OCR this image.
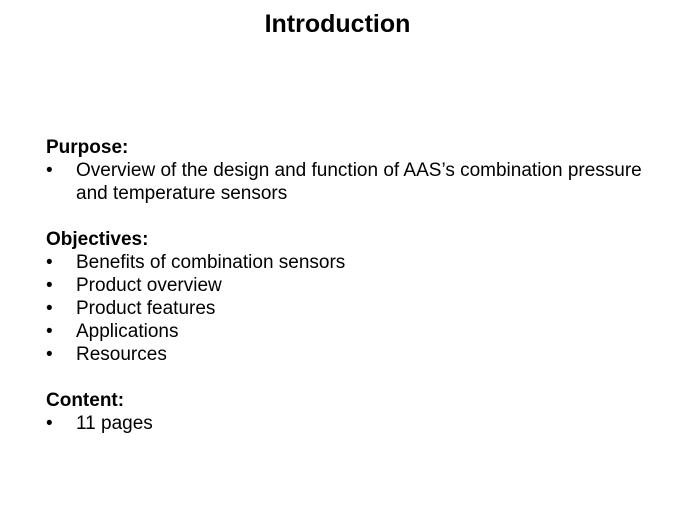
Introduction
Purpose:
• Overview of the design and function of AAS’s combination pressure and temperature sensors
Objectives:
• Benefits of combination sensors
• Product overview
• Product features
• Applications
• Resources
Content:
• 11 pages
